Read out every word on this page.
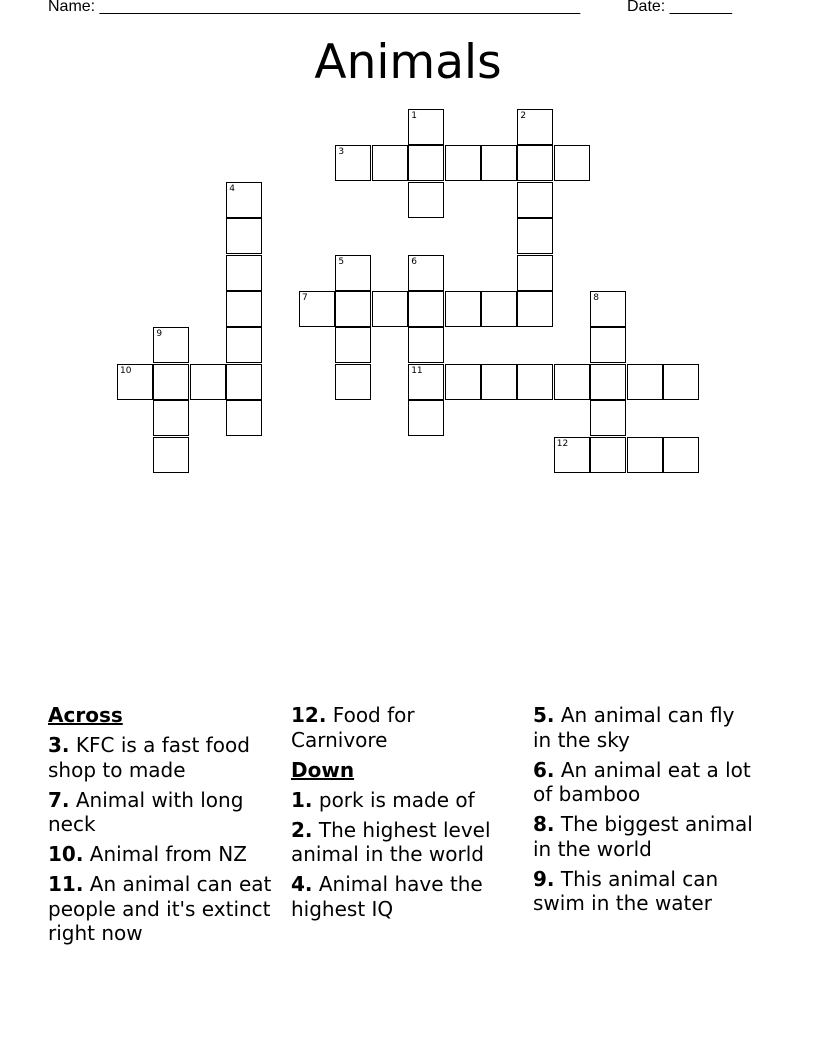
Name: ______________________________________________________	Date: _______
Animals
1	2
3
4
5	6
11
7	8
9
10
12
Across
3. KFC is a fast food shop to made
7. Animal with long neck
10. Animal from NZ
11. An animal can eat people and it's extinct right now
12. Food for Carnivore
Down
1. pork is made of
2. The highest level animal in the world
4. Animal have the highest IQ
5. An animal can fly in the sky
6. An animal eat a lot of bamboo
8. The biggest animal in the world
9. This animal can swim in the water
